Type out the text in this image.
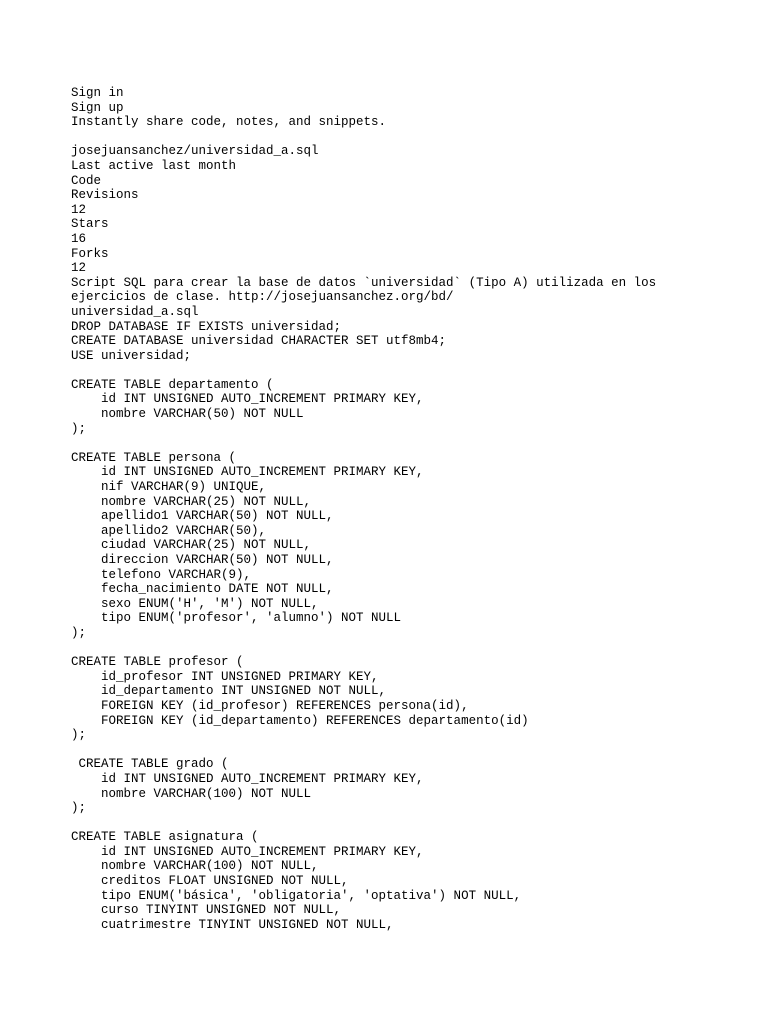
Sign in
Sign up
Instantly share code, notes, and snippets.
josejuansanchez/universidad_a.sql
Last active last month
Code
Revisions
12
Stars
16
Forks
12
Script SQL para crear la base de datos `universidad` (Tipo A) utilizada en los
ejercicios de clase. http://josejuansanchez.org/bd/
universidad_a.sql
DROP DATABASE IF EXISTS universidad;
CREATE DATABASE universidad CHARACTER SET utf8mb4;
USE universidad;
CREATE TABLE departamento (
id INT UNSIGNED AUTO_INCREMENT PRIMARY KEY,
nombre VARCHAR(50) NOT NULL
);
CREATE TABLE persona (
id INT UNSIGNED AUTO_INCREMENT PRIMARY KEY,
nif VARCHAR(9) UNIQUE,
nombre VARCHAR(25) NOT NULL,
apellido1 VARCHAR(50) NOT NULL,
apellido2 VARCHAR(50),
ciudad VARCHAR(25) NOT NULL,
direccion VARCHAR(50) NOT NULL,
telefono VARCHAR(9),
fecha_nacimiento DATE NOT NULL,
sexo ENUM('H', 'M') NOT NULL,
tipo ENUM('profesor', 'alumno') NOT NULL
);
CREATE TABLE profesor (
id_profesor INT UNSIGNED PRIMARY KEY,
id_departamento INT UNSIGNED NOT NULL,
FOREIGN KEY (id_profesor) REFERENCES persona(id),
FOREIGN KEY (id_departamento) REFERENCES departamento(id)
);
CREATE TABLE grado (
id INT UNSIGNED AUTO_INCREMENT PRIMARY KEY,
nombre VARCHAR(100) NOT NULL
);
CREATE TABLE asignatura (
id INT UNSIGNED AUTO_INCREMENT PRIMARY KEY,
nombre VARCHAR(100) NOT NULL,
creditos FLOAT UNSIGNED NOT NULL,
tipo ENUM('básica', 'obligatoria', 'optativa') NOT NULL,
curso TINYINT UNSIGNED NOT NULL,
cuatrimestre TINYINT UNSIGNED NOT NULL,
